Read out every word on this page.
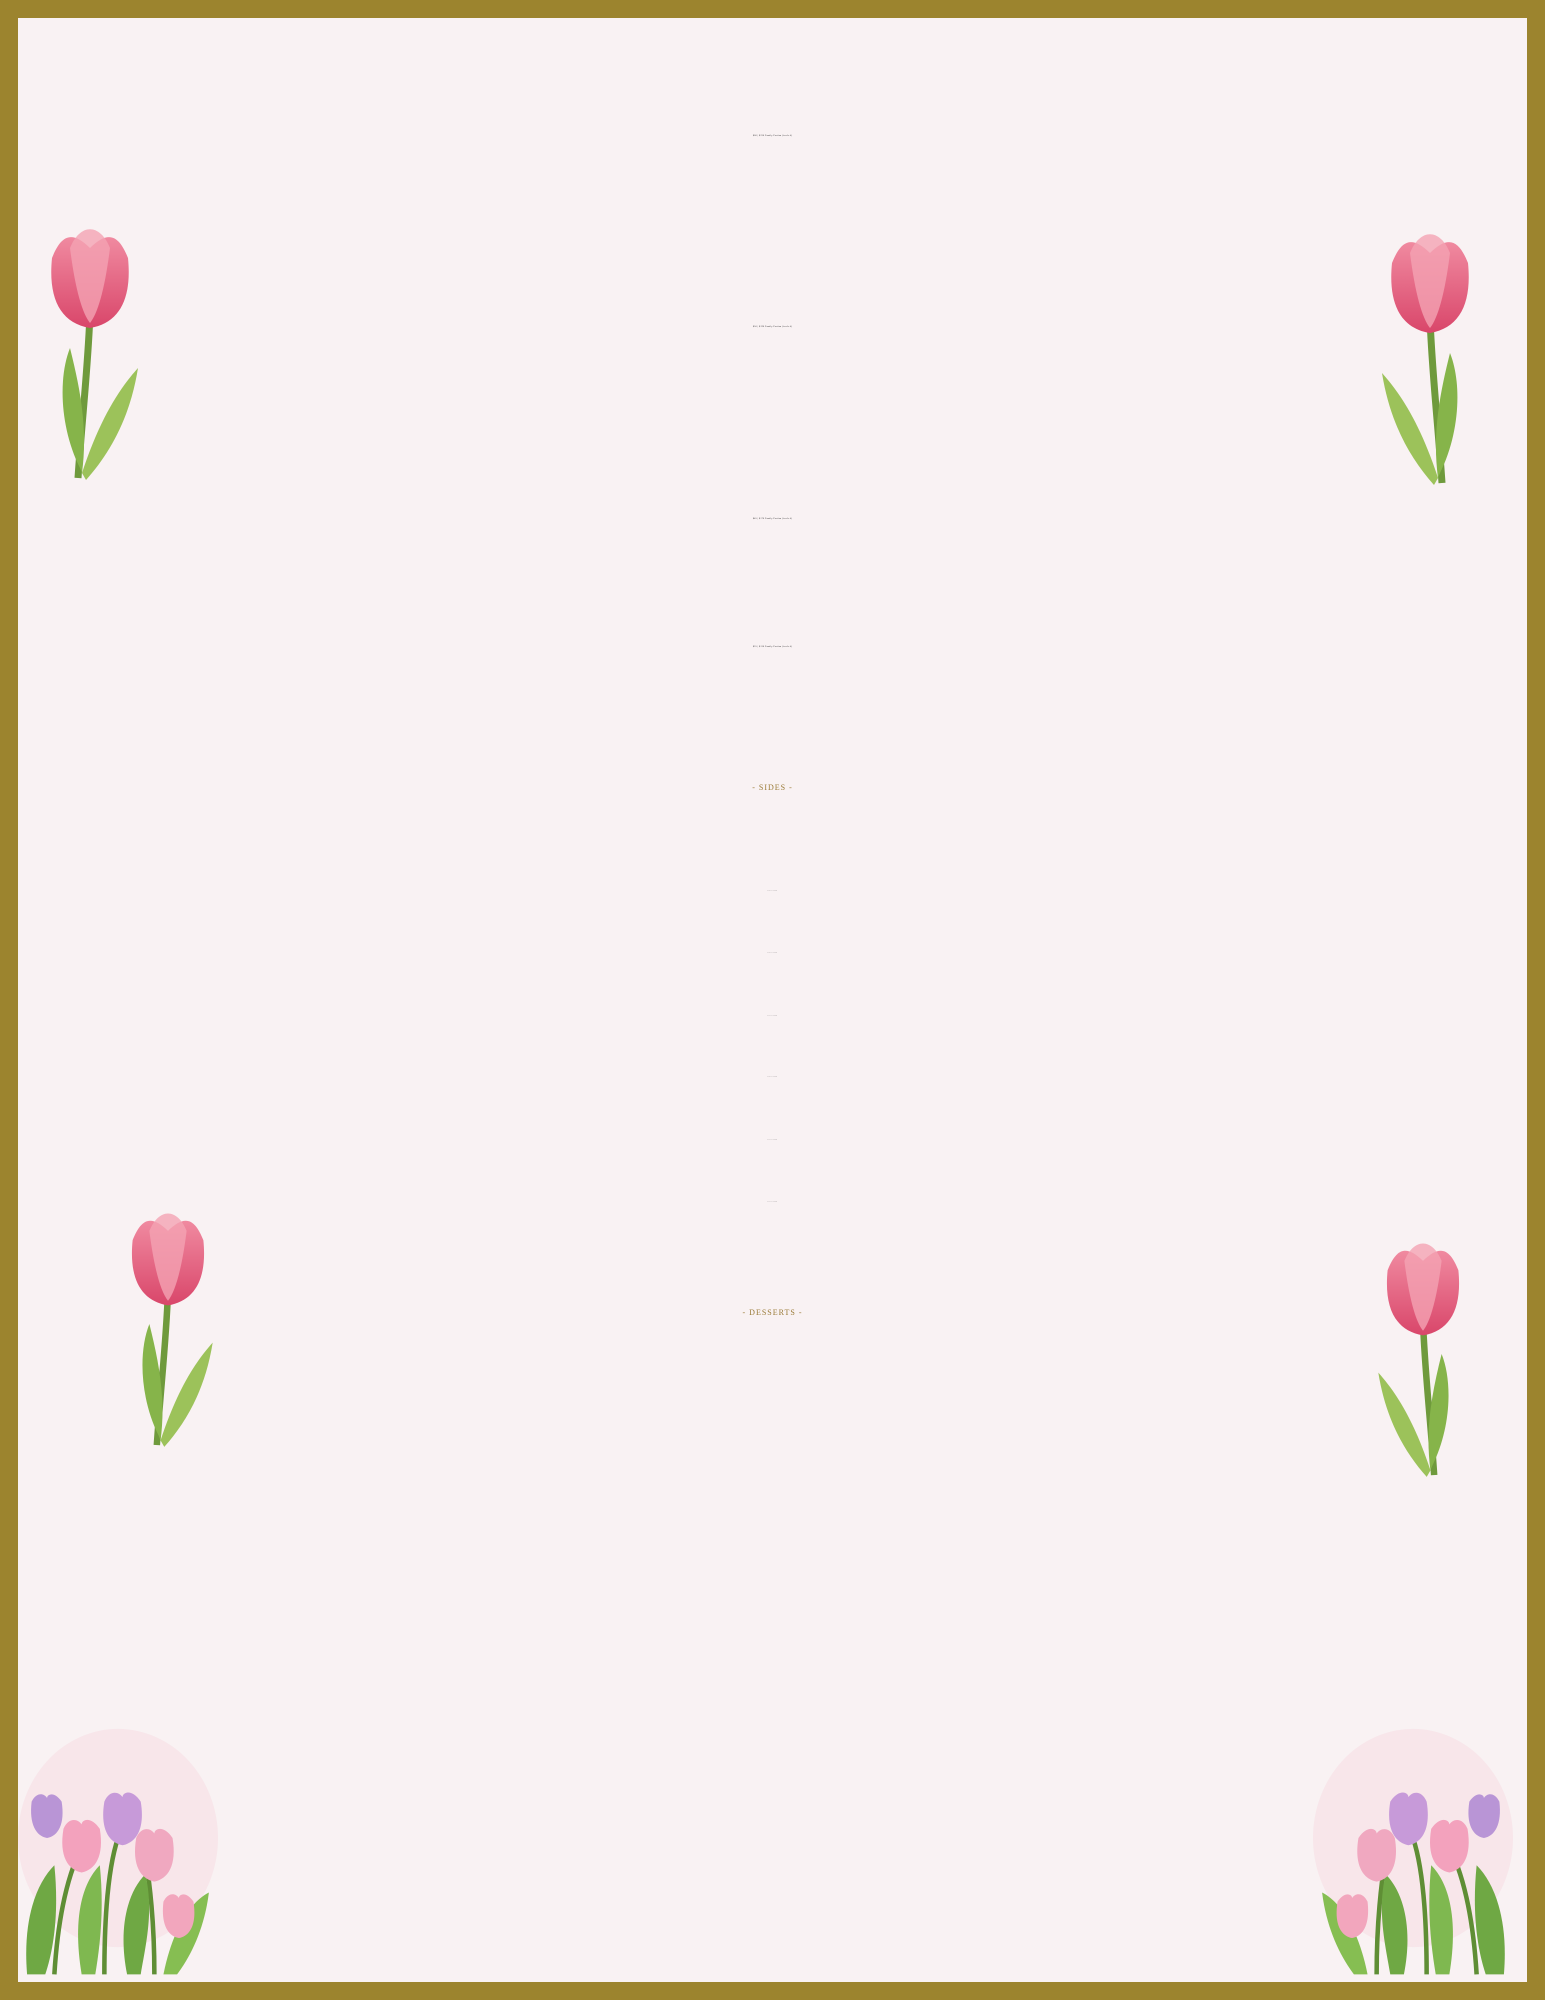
$60 | $230 Family Portion (feeds 4)
$50 | $190 Family Portion (feeds 4)
$45 | $170 Family Portion (feeds 4)
$35 | $130 Family Portion (feeds 4)
- SIDES -
$14 per pound
$14 per pound
$16 per pound
$14 per pound
$16 per pound
$16 per pound
- DESSERTS -
